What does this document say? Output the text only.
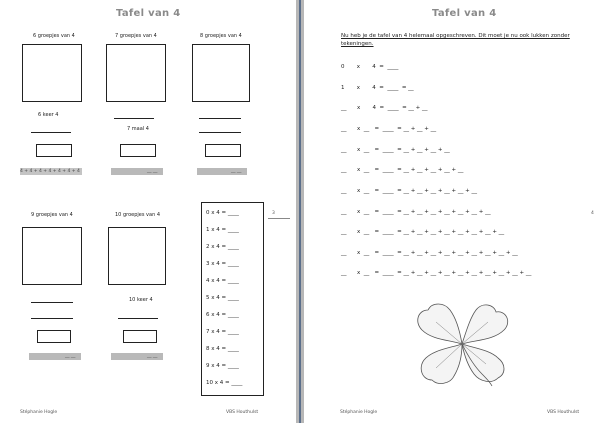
Tafel van 4
6 groepjes van 4	7 groepjes van 4	8 groepjes van 4
6 keer 4
4 + 4 + 4 + 4 + 4 + 4 + 4
7 maal 4
__ __	__ __
9 groepjes van 4	10 groepjes van 4
__ __
10 keer 4
__ __
0 x 4 = ____
1 x 4 = ____
2 x 4 = ____
3 x 4 = ____
4 x 4 = ____
5 x 4 = ____
6 x 4 = ____
7 x 4 = ____
8 x 4 = ____
9 x 4 = ____
10 x 4 = ____
3
Stéphanie Hogle	VBS Houthulst
Tafel van 4
Nu heb je de tafel van 4 helemaal opgeschreven. Dit moet je nu ook lukken zonder tekeningen.
0       x       4  =  ____
1       x       4  =  ____  = __
__      x       4  =  ____  = __ + __
__      x  __   =  ____  = __ + __ + __
__      x  __   =  ____  = __ + __ + __ + __
__      x  __   =  ____  = __ + __ + __ + __ + __
__      x  __   =  ____  = __ + __ + __ + __ + __ + __
__      x  __   =  ____  = __ + __ + __ + __ + __ + __ + __
__      x  __   =  ____  = __ + __ + __ + __ + __ + __ + __ + __
__      x  __   =  ____  = __ + __ + __ + __ + __ + __ + __ + __ + __
__      x  __   =  ____  = __ + __ + __ + __ + __ + __ + __ + __ + __ + __
4
Stéphanie Hogle	VBS Houthulst
